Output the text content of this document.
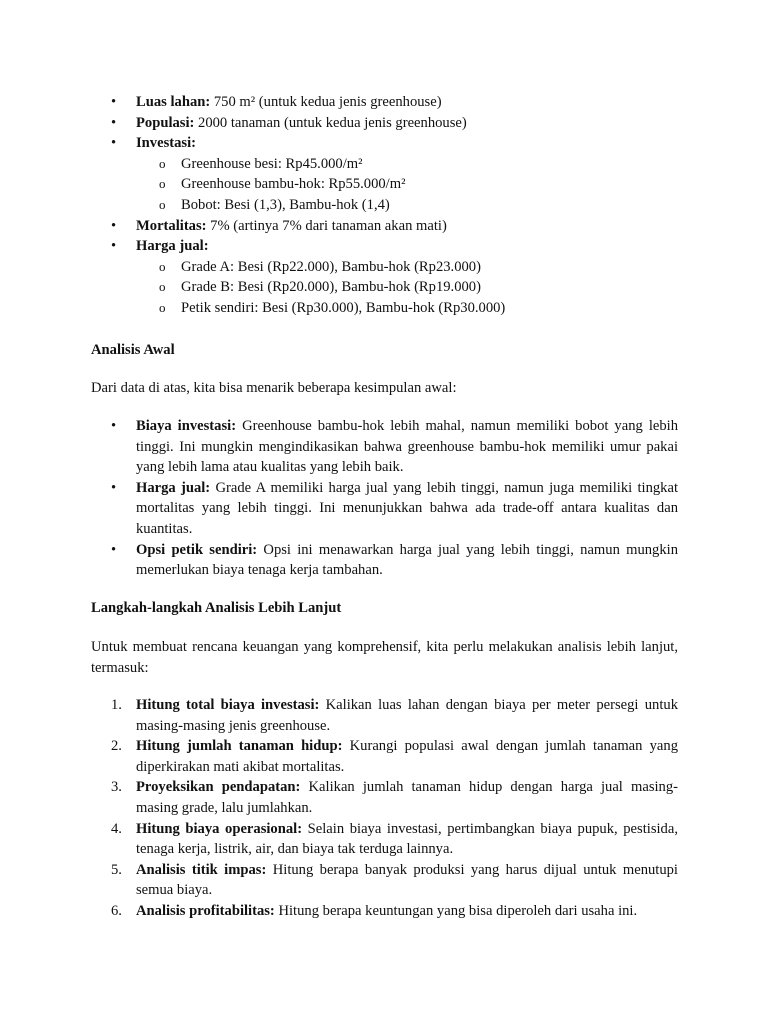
• Luas lahan: 750 m² (untuk kedua jenis greenhouse)
• Populasi: 2000 tanaman (untuk kedua jenis greenhouse)
• Investasi:
o Greenhouse besi: Rp45.000/m²
o Greenhouse bambu-hok: Rp55.000/m²
o Bobot: Besi (1,3), Bambu-hok (1,4)
• Mortalitas: 7% (artinya 7% dari tanaman akan mati)
• Harga jual:
o Grade A: Besi (Rp22.000), Bambu-hok (Rp23.000)
o Grade B: Besi (Rp20.000), Bambu-hok (Rp19.000)
o Petik sendiri: Besi (Rp30.000), Bambu-hok (Rp30.000)
Analisis Awal
Dari data di atas, kita bisa menarik beberapa kesimpulan awal:
• Biaya investasi: Greenhouse bambu-hok lebih mahal, namun memiliki bobot yang lebih tinggi. Ini mungkin mengindikasikan bahwa greenhouse bambu-hok memiliki umur pakai yang lebih lama atau kualitas yang lebih baik.
• Harga jual: Grade A memiliki harga jual yang lebih tinggi, namun juga memiliki tingkat mortalitas yang lebih tinggi. Ini menunjukkan bahwa ada trade-off antara kualitas dan kuantitas.
• Opsi petik sendiri: Opsi ini menawarkan harga jual yang lebih tinggi, namun mungkin memerlukan biaya tenaga kerja tambahan.
Langkah-langkah Analisis Lebih Lanjut
Untuk membuat rencana keuangan yang komprehensif, kita perlu melakukan analisis lebih lanjut, termasuk:
1. Hitung total biaya investasi: Kalikan luas lahan dengan biaya per meter persegi untuk masing-masing jenis greenhouse.
2. Hitung jumlah tanaman hidup: Kurangi populasi awal dengan jumlah tanaman yang diperkirakan mati akibat mortalitas.
3. Proyeksikan pendapatan: Kalikan jumlah tanaman hidup dengan harga jual masing-masing grade, lalu jumlahkan.
4. Hitung biaya operasional: Selain biaya investasi, pertimbangkan biaya pupuk, pestisida, tenaga kerja, listrik, air, dan biaya tak terduga lainnya.
5. Analisis titik impas: Hitung berapa banyak produksi yang harus dijual untuk menutupi semua biaya.
6. Analisis profitabilitas: Hitung berapa keuntungan yang bisa diperoleh dari usaha ini.
